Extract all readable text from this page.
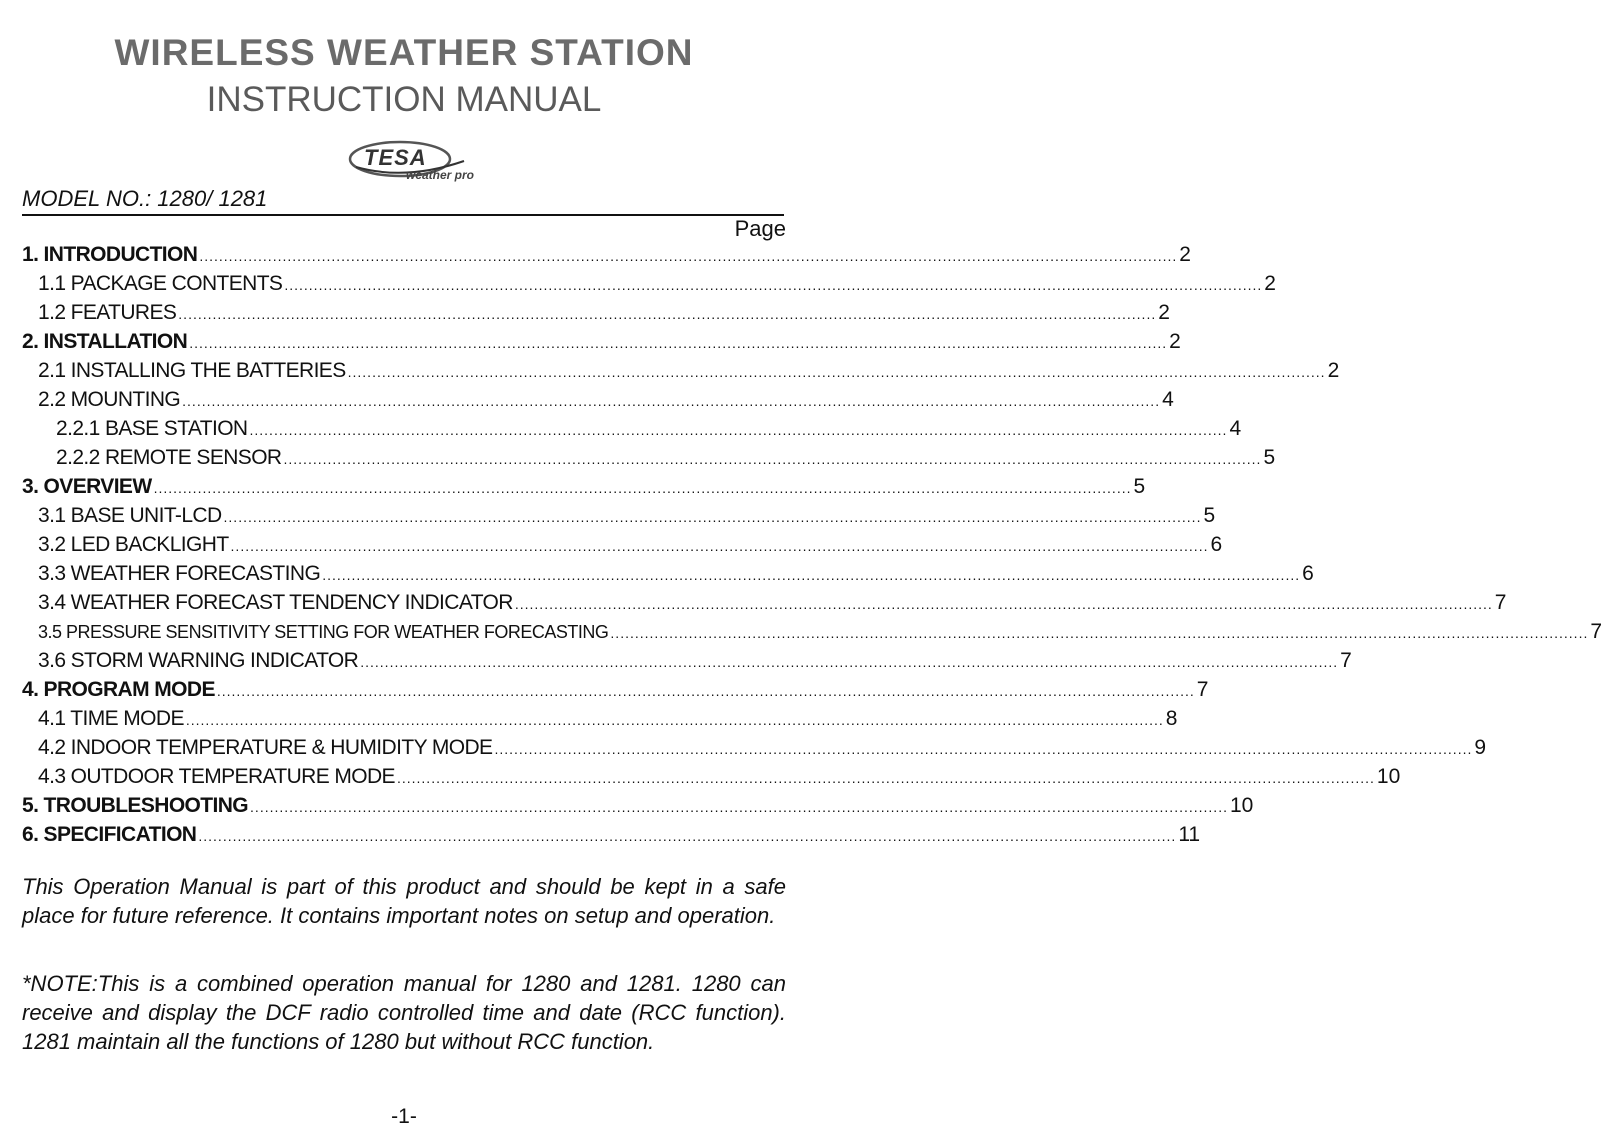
WIRELESS WEATHER STATION
INSTRUCTION MANUAL
TESA
weather pro
MODEL NO.: 1280/ 1281
Page
1. INTRODUCTION ........................................................................................................................................................................................................ 2
1.1 PACKAGE CONTENTS ........................................................................................................................................................................................................ 2
1.2 FEATURES ........................................................................................................................................................................................................ 2
2. INSTALLATION ........................................................................................................................................................................................................ 2
2.1 INSTALLING THE BATTERIES ........................................................................................................................................................................................................ 2
2.2 MOUNTING ........................................................................................................................................................................................................ 4
2.2.1 BASE STATION ........................................................................................................................................................................................................ 4
2.2.2 REMOTE SENSOR ........................................................................................................................................................................................................ 5
3. OVERVIEW ........................................................................................................................................................................................................ 5
3.1 BASE UNIT-LCD ........................................................................................................................................................................................................ 5
3.2 LED BACKLIGHT ........................................................................................................................................................................................................ 6
3.3 WEATHER FORECASTING ........................................................................................................................................................................................................ 6
3.4 WEATHER FORECAST TENDENCY INDICATOR ........................................................................................................................................................................................................ 7
3.5 PRESSURE SENSITIVITY SETTING FOR WEATHER FORECASTING ........................................................................................................................................................................................................ 7
3.6 STORM WARNING INDICATOR ........................................................................................................................................................................................................ 7
4. PROGRAM MODE ........................................................................................................................................................................................................ 7
4.1 TIME MODE ........................................................................................................................................................................................................ 8
4.2 INDOOR TEMPERATURE & HUMIDITY MODE ........................................................................................................................................................................................................ 9
4.3 OUTDOOR TEMPERATURE MODE ........................................................................................................................................................................................................ 10
5. TROUBLESHOOTING ........................................................................................................................................................................................................ 10
6. SPECIFICATION ........................................................................................................................................................................................................ 11
This Operation Manual is part of this product and should be kept in a safe place for future reference. It contains important notes on setup and operation.
*NOTE:This is a combined operation manual for 1280 and 1281. 1280 can receive and display the DCF radio controlled time and date (RCC function). 1281 maintain all the functions of 1280 but without RCC function.
-1-
